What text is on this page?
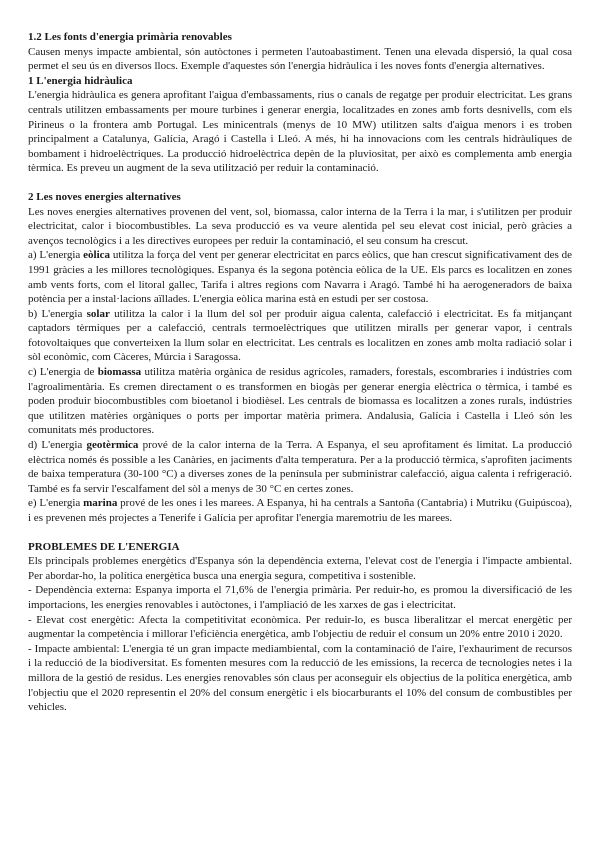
1.2 Les fonts d'energia primària renovables

Causen menys impacte ambiental, són autòctones i permeten l'autoabastiment. Tenen una elevada dispersió, la qual cosa permet el seu ús en diversos llocs. Exemple d'aquestes són l'energia hidràulica i les noves fonts d'energia alternatives.

1 L'energia hidràulica

L'energia hidràulica es genera aprofitant l'aigua d'embassaments, rius o canals de regatge per produir electricitat. Les grans centrals utilitzen embassaments per moure turbines i generar energia, localitzades en zones amb forts desnivells, com els Pirineus o la frontera amb Portugal. Les minicentrals (menys de 10 MW) utilitzen salts d'aigua menors i es troben principalment a Catalunya, Galícia, Aragó i Castella i Lleó. A més, hi ha innovacions com les centrals hidràuliques de bombament i hidroelèctriques. La producció hidroelèctrica depèn de la pluviositat, per això es complementa amb energia tèrmica. Es preveu un augment de la seva utilització per reduir la contaminació.

2 Les noves energies alternatives

Les noves energies alternatives provenen del vent, sol, biomassa, calor interna de la Terra i la mar, i s'utilitzen per produir electricitat, calor i biocombustibles. La seva producció es va veure alentida pel seu elevat cost inicial, però gràcies a avenços tecnològics i a les directives europees per reduir la contaminació, el seu consum ha crescut.

a) L'energia eòlica utilitza la força del vent per generar electricitat en parcs eòlics, que han crescut significativament des de 1991 gràcies a les millores tecnològiques. Espanya és la segona potència eòlica de la UE. Els parcs es localitzen en zones amb vents forts, com el litoral gallec, Tarifa i altres regions com Navarra i Aragó. També hi ha aerogeneradors de baixa potència per a instal·lacions aïllades. L'energia eòlica marina està en estudi per ser costosa.

b) L'energia solar utilitza la calor i la llum del sol per produir aigua calenta, calefacció i electricitat. Es fa mitjançant captadors tèrmiques per a calefacció, centrals termoelèctriques que utilitzen miralls per generar vapor, i centrals fotovoltaiques que converteixen la llum solar en electricitat. Les centrals es localitzen en zones amb molta radiació solar i sòl econòmic, com Càceres, Múrcia i Saragossa.

c) L'energia de biomassa utilitza matèria orgànica de residus agrícoles, ramaders, forestals, escombraries i indústries com l'agroalimentària. Es cremen directament o es transformen en biogàs per generar energia elèctrica o tèrmica, i també es poden produir biocombustibles com bioetanol i biodièsel. Les centrals de biomassa es localitzen a zones rurals, indústries que utilitzen matèries orgàniques o ports per importar matèria primera. Andalusia, Galícia i Castella i Lleó són les comunitats més productores.

d) L'energia geotèrmica prové de la calor interna de la Terra. A Espanya, el seu aprofitament és limitat. La producció elèctrica només és possible a les Canàries, en jaciments d'alta temperatura. Per a la producció tèrmica, s'aprofiten jaciments de baixa temperatura (30-100 °C) a diverses zones de la península per subministrar calefacció, aigua calenta i refrigeració. També es fa servir l'escalfament del sòl a menys de 30 °C en certes zones.

e) L'energia marina prové de les ones i les marees. A Espanya, hi ha centrals a Santoña (Cantabria) i Mutriku (Guipúscoa), i es prevenen més projectes a Tenerife i Galícia per aprofitar l'energia maremotriu de les marees.

PROBLEMES DE L'ENERGIA

Els principals problemes energètics d'Espanya són la dependència externa, l'elevat cost de l'energia i l'impacte ambiental. Per abordar-ho, la política energètica busca una energia segura, competitiva i sostenible.

- Dependència externa: Espanya importa el 71,6% de l'energia primària. Per reduir-ho, es promou la diversificació de les importacions, les energies renovables i autòctones, i l'ampliació de les xarxes de gas i electricitat.

- Elevat cost energètic: Afecta la competitivitat econòmica. Per reduir-lo, es busca liberalitzar el mercat energètic per augmentar la competència i millorar l'eficiència energètica, amb l'objectiu de reduir el consum un 20% entre 2010 i 2020.

- Impacte ambiental: L'energia té un gran impacte mediambiental, com la contaminació de l'aire, l'exhauriment de recursos i la reducció de la biodiversitat. Es fomenten mesures com la reducció de les emissions, la recerca de tecnologies netes i la millora de la gestió de residus. Les energies renovables són claus per aconseguir els objectius de la política energètica, amb l'objectiu que el 2020 representin el 20% del consum energètic i els biocarburants el 10% del consum de combustibles per vehicles.
